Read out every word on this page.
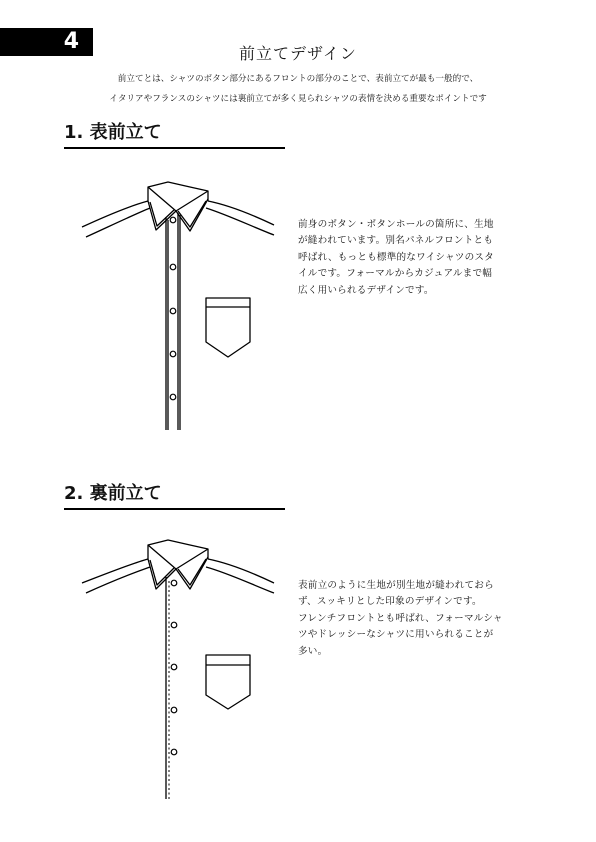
4	前立てデザイン
前立てとは、シャツのボタン部分にあるフロントの部分のことで、表前立てが最も一般的で、
イタリアやフランスのシャツには裏前立てが多く見られシャツの表情を決める重要なポイントです
1. 表前立て
前身のボタン・ボタンホールの箇所に、生地
が縫われています。別名パネルフロントとも
呼ばれ、もっとも標準的なワイシャツのスタ
イルです。フォーマルからカジュアルまで幅
広く用いられるデザインです。
2. 裏前立て
表前立のように生地が別生地が縫われておら
ず、スッキリとした印象のデザインです。
フレンチフロントとも呼ばれ、フォーマルシャ
ツやドレッシーなシャツに用いられることが
多い。
